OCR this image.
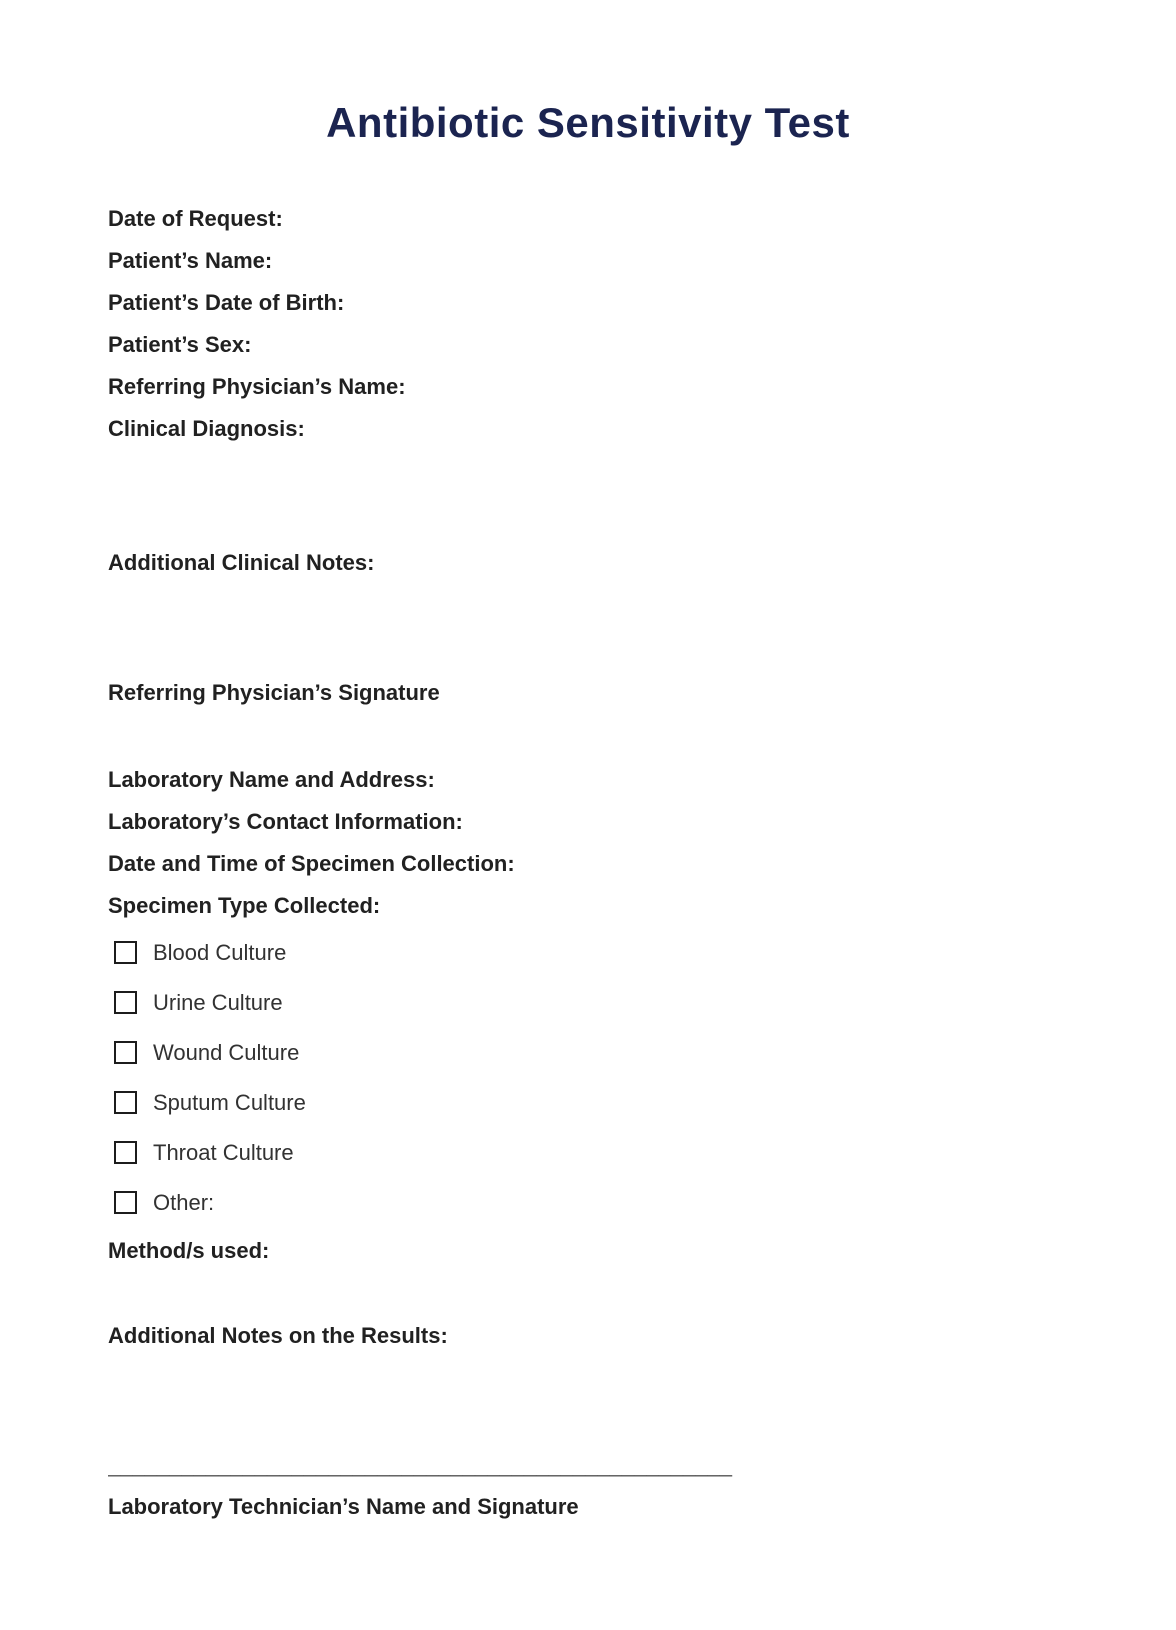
Antibiotic Sensitivity Test
Date of Request:
Patient’s Name:
Patient’s Date of Birth:
Patient’s Sex:
Referring Physician’s Name:
Clinical Diagnosis:
Additional Clinical Notes:
Referring Physician’s Signature
Laboratory Name and Address:
Laboratory’s Contact Information:
Date and Time of Specimen Collection:
Specimen Type Collected:
Blood Culture
Urine Culture
Wound Culture
Sputum Culture
Throat Culture
Other:
Method/s used:
Additional Notes on the Results:
___________________________________________________
Laboratory Technician’s Name and Signature
